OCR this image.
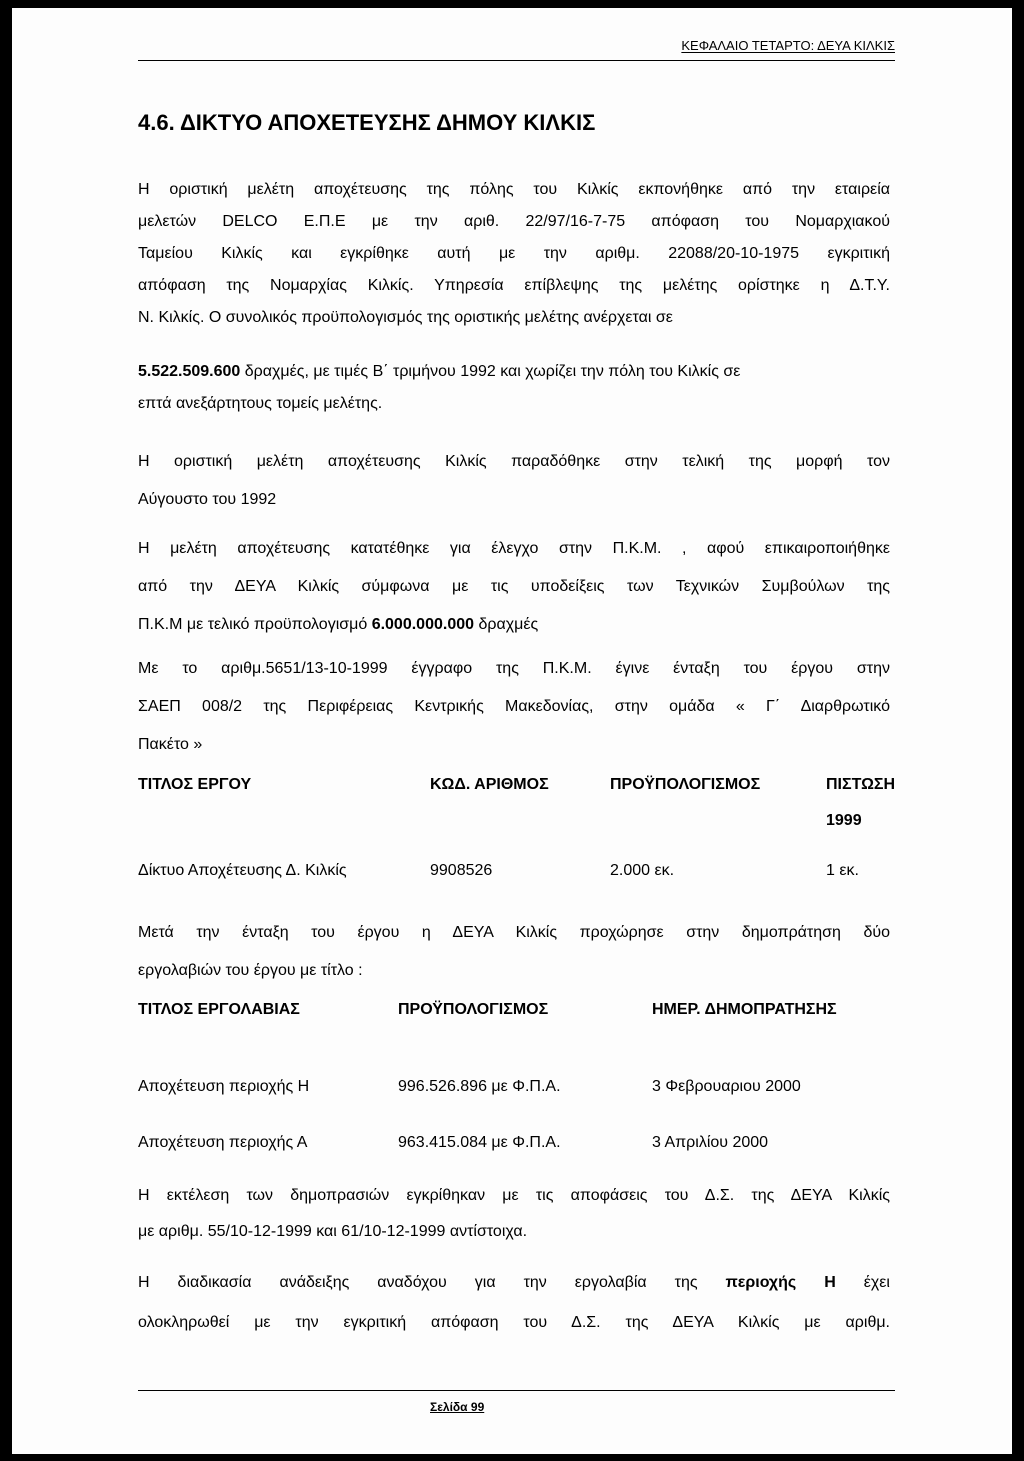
ΚΕΦΑΛΑΙΟ ΤΕΤΑΡΤΟ: ΔΕΥΑ ΚΙΛΚΙΣ
4.6. ΔΙΚΤΥΟ ΑΠΟΧΕΤΕΥΣΗΣ ΔΗΜΟΥ ΚΙΛΚΙΣ
Η οριστική μελέτη αποχέτευσης της πόλης του Κιλκίς εκπονήθηκε από την εταιρεία
μελετών DELCO Ε.Π.Ε με την αριθ. 22/97/16-7-75 απόφαση του Νομαρχιακού
Ταμείου Κιλκίς και εγκρίθηκε αυτή με την αριθμ. 22088/20-10-1975 εγκριτική
απόφαση της Νομαρχίας Κιλκίς. Υπηρεσία επίβλεψης της μελέτης ορίστηκε η Δ.Τ.Υ.
Ν. Κιλκίς. Ο συνολικός προϋπολογισμός της οριστικής μελέτης ανέρχεται σε
5.522.509.600 δραχμές, με τιμές Β΄ τριμήνου 1992 και χωρίζει την πόλη του Κιλκίς σε
επτά ανεξάρτητους τομείς μελέτης.
Η οριστική μελέτη αποχέτευσης Κιλκίς παραδόθηκε στην τελική της μορφή τον
Αύγουστο του 1992
Η μελέτη αποχέτευσης κατατέθηκε για έλεγχο στην Π.Κ.Μ. , αφού επικαιροποιήθηκε
από την ΔΕΥΑ Κιλκίς σύμφωνα με τις υποδείξεις των Τεχνικών Συμβούλων της
Π.Κ.Μ με τελικό προϋπολογισμό 6.000.000.000 δραχμές
Με το αριθμ.5651/13-10-1999 έγγραφο της Π.Κ.Μ. έγινε ένταξη του έργου στην
ΣΑΕΠ 008/2 της Περιφέρειας Κεντρικής Μακεδονίας, στην ομάδα « Γ΄ Διαρθρωτικό
Πακέτο »
ΤΙΤΛΟΣ ΕΡΓΟΥ	ΚΩΔ. ΑΡΙΘΜΟΣ	ΠΡΟΫΠΟΛΟΓΙΣΜΟΣ	ΠΙΣΤΩΣΗ
1999
Δίκτυο Αποχέτευσης Δ. Κιλκίς	9908526	2.000 εκ.	1 εκ.
Μετά την ένταξη του έργου η ΔΕΥΑ Κιλκίς προχώρησε στην δημοπράτηση δύο
εργολαβιών του έργου με τίτλο :
ΤΙΤΛΟΣ ΕΡΓΟΛΑΒΙΑΣ	ΠΡΟΫΠΟΛΟΓΙΣΜΟΣ	ΗΜΕΡ. ΔΗΜΟΠΡΑΤΗΣΗΣ
Αποχέτευση περιοχής Η	996.526.896 με Φ.Π.Α.	3 Φεβρουαριου 2000
Αποχέτευση περιοχής Α	963.415.084 με Φ.Π.Α.	3 Απριλίου 2000
Η εκτέλεση των δημοπρασιών εγκρίθηκαν με τις αποφάσεις του Δ.Σ. της ΔΕΥΑ Κιλκίς
με αριθμ. 55/10-12-1999 και 61/10-12-1999 αντίστοιχα.
Η διαδικασία ανάδειξης αναδόχου για την εργολαβία της περιοχής Η έχει
ολοκληρωθεί με την εγκριτική απόφαση του Δ.Σ. της ΔΕΥΑ Κιλκίς με αριθμ.
Σελίδα 99
